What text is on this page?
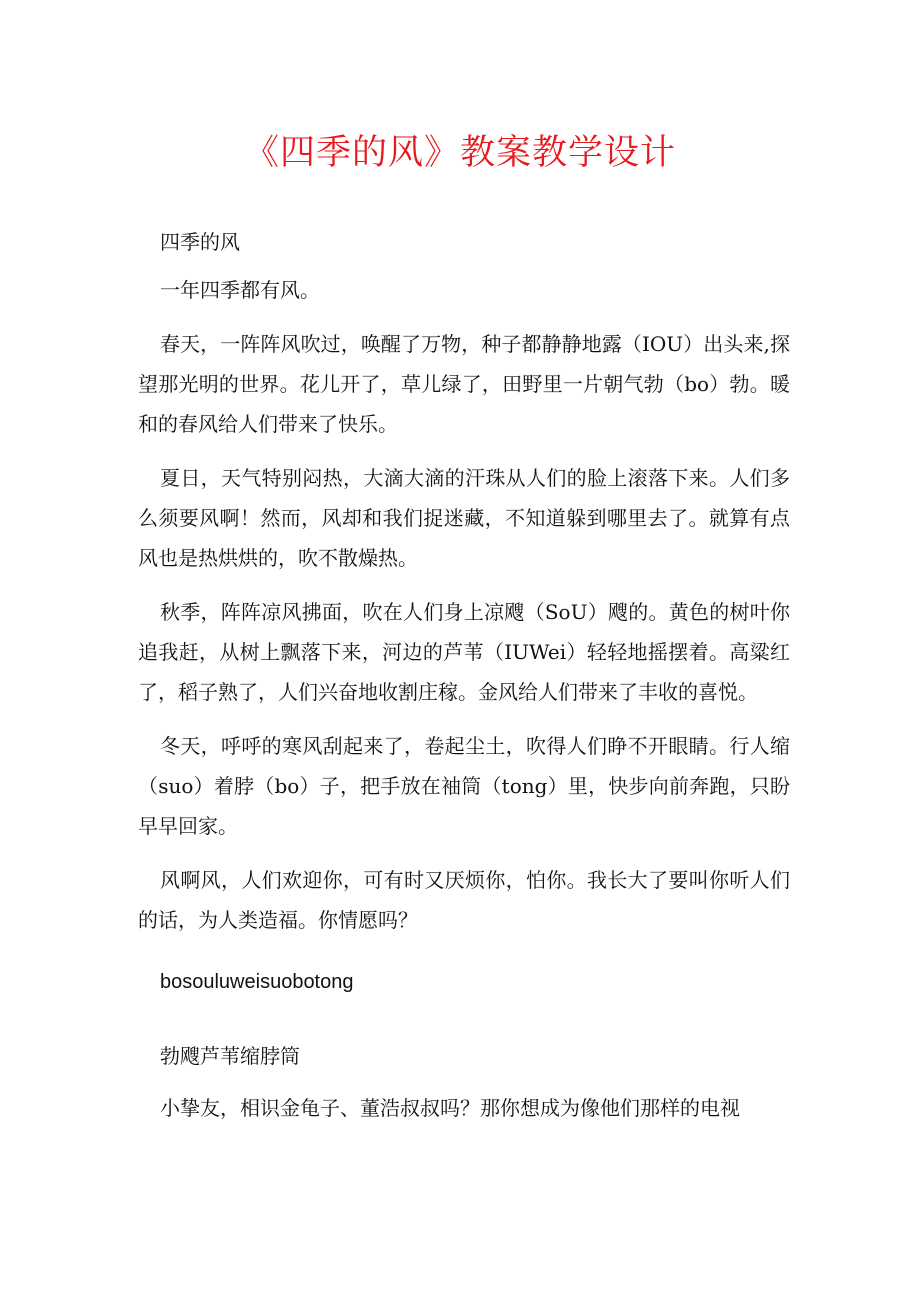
《四季的风》教案教学设计

四季的风

一年四季都有风。

春天，一阵阵风吹过，唤醒了万物，种子都静静地露（IOU）出头来,探望那光明的世界。花儿开了，草儿绿了，田野里一片朝气勃（bo）勃。暖和的春风给人们带来了快乐。

夏日，天气特别闷热，大滴大滴的汗珠从人们的脸上滚落下来。人们多么须要风啊！然而，风却和我们捉迷藏，不知道躲到哪里去了。就算有点风也是热烘烘的，吹不散燥热。

秋季，阵阵凉风拂面，吹在人们身上凉飕（SoU）飕的。黄色的树叶你追我赶，从树上飘落下来，河边的芦苇（IUWei）轻轻地摇摆着。高粱红了，稻子熟了，人们兴奋地收割庄稼。金风给人们带来了丰收的喜悦。

冬天，呼呼的寒风刮起来了，卷起尘土，吹得人们睁不开眼睛。行人缩（suo）着脖（bo）子，把手放在袖筒（tong）里，快步向前奔跑，只盼早早回家。

风啊风，人们欢迎你，可有时又厌烦你，怕你。我长大了要叫你听人们的话，为人类造福。你情愿吗？

bosouluweisuobotong

勃飕芦苇缩脖筒

小挚友，相识金龟子、董浩叔叔吗？那你想成为像他们那样的电视
